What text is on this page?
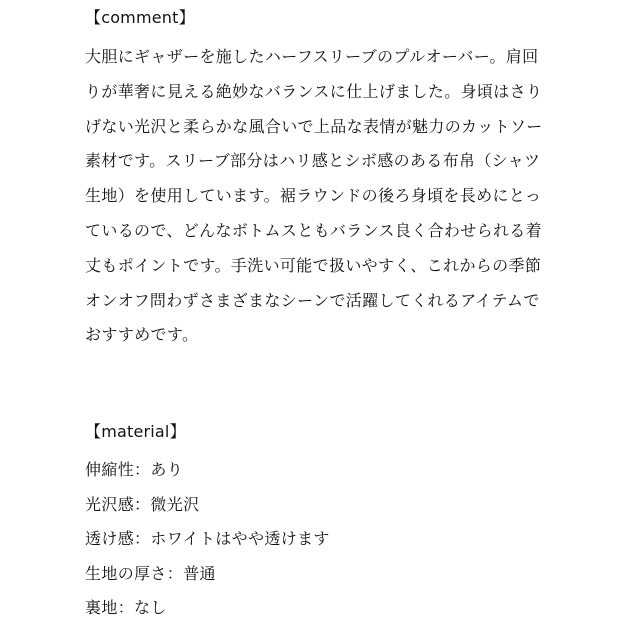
【comment】
大胆にギャザーを施したハーフスリーブのプルオーバー。肩回
りが華奢に見える絶妙なバランスに仕上げました。身頃はさり
げない光沢と柔らかな風合いで上品な表情が魅力のカットソー
素材です。スリーブ部分はハリ感とシボ感のある布帛（シャツ
生地）を使用しています。裾ラウンドの後ろ身頃を長めにとっ
ているので、どんなボトムスともバランス良く合わせられる着
丈もポイントです。手洗い可能で扱いやすく、これからの季節
オンオフ問わずさまざまなシーンで活躍してくれるアイテムで
おすすめです。
【material】
伸縮性：あり
光沢感：微光沢
透け感：ホワイトはやや透けます
生地の厚さ：普通
裏地：なし
